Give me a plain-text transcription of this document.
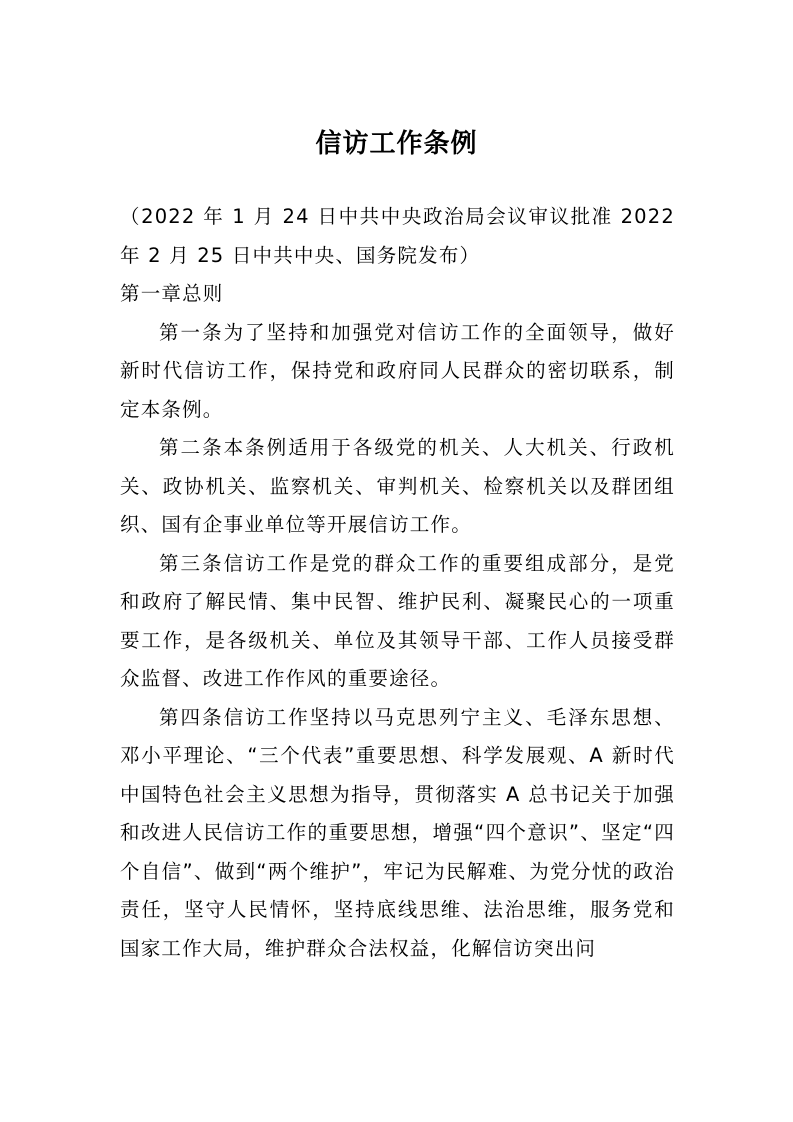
信访工作条例

（2022 年 1 月 24 日中共中央政治局会议审议批准 2022 年 2 月 25 日中共中央、国务院发布）

第一章总则

第一条为了坚持和加强党对信访工作的全面领导，做好新时代信访工作，保持党和政府同人民群众的密切联系，制定本条例。

第二条本条例适用于各级党的机关、人大机关、行政机关、政协机关、监察机关、审判机关、检察机关以及群团组织、国有企事业单位等开展信访工作。

第三条信访工作是党的群众工作的重要组成部分，是党和政府了解民情、集中民智、维护民利、凝聚民心的一项重要工作，是各级机关、单位及其领导干部、工作人员接受群众监督、改进工作作风的重要途径。

第四条信访工作坚持以马克思列宁主义、毛泽东思想、邓小平理论、“三个代表”重要思想、科学发展观、A 新时代中国特色社会主义思想为指导，贯彻落实 A 总书记关于加强和改进人民信访工作的重要思想，增强“四个意识”、坚定“四个自信”、做到“两个维护”，牢记为民解难、为党分忧的政治责任，坚守人民情怀，坚持底线思维、法治思维，服务党和国家工作大局，维护群众合法权益，化解信访突出问
